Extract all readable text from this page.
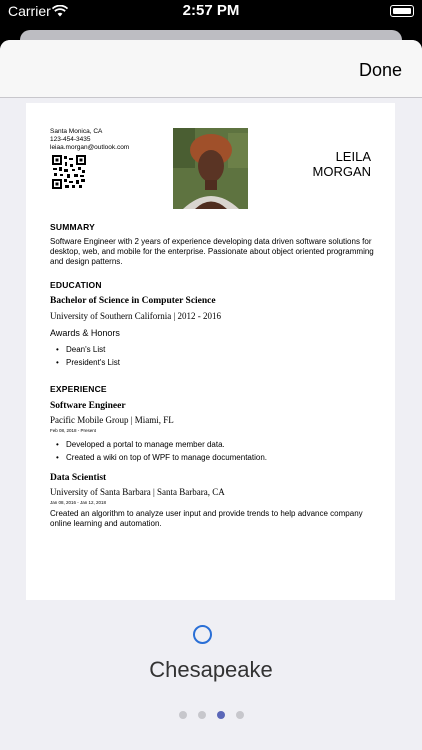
Carrier	2:57 PM
Done
Santa Monica, CA
123-454-3435
leiaa.morgan@outlook.com
LEILA
MORGAN
SUMMARY
Software Engineer with 2 years of experience developing data driven software solutions for desktop, web, and mobile for the enterprise. Passionate about object oriented programming and design patterns.
EDUCATION
Bachelor of Science in Computer Science
University of Southern California | 2012 - 2016
Awards & Honors
• Dean's List
• President's List
EXPERIENCE
Software Engineer
Pacific Mobile Group | Miami, FL
Feb 08, 2018 - Present
• Developed a portal to manage member data.
• Created a wiki on top of WPF to manage documentation.
Data Scientist
University of Santa Barbara | Santa Barbara, CA
Jan 08, 2016 - Jan 12, 2018
Created an algorithm to analyze user input and provide trends to help advance company online learning and automation.
Chesapeake
